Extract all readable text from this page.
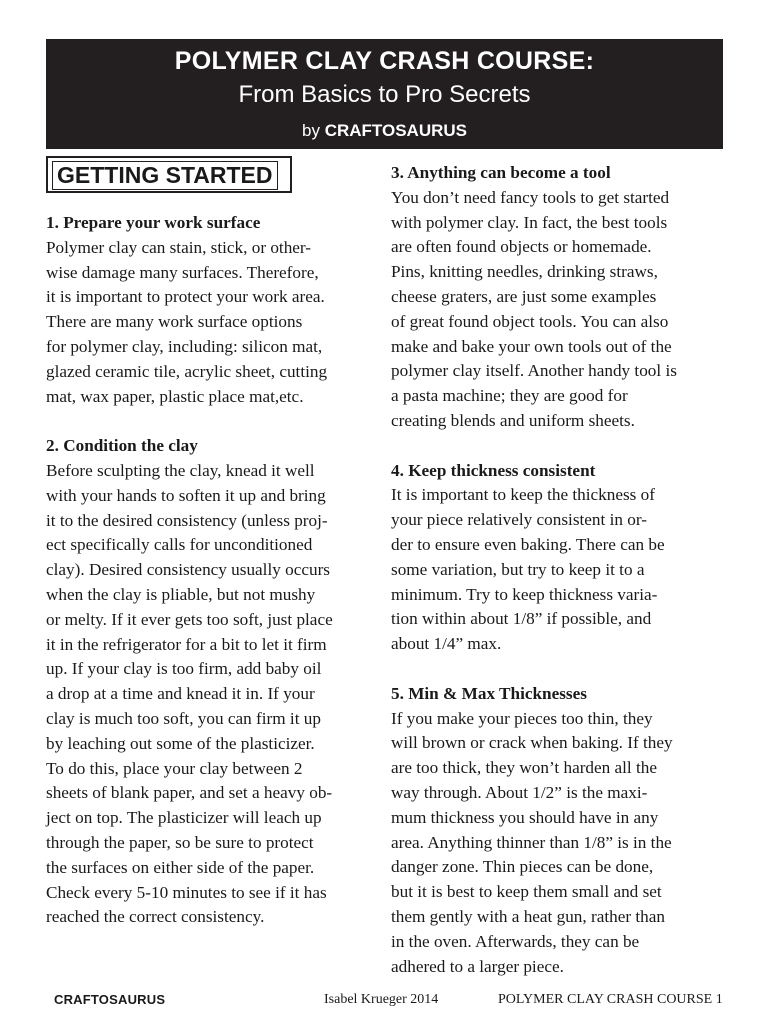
POLYMER CLAY CRASH COURSE:
From Basics to Pro Secrets
by CRAFTOSAURUS
GETTING STARTED
1. Prepare your work surface
Polymer clay can stain, stick, or other-
wise damage many surfaces. Therefore,
it is important to protect your work area.
There are many work surface options
for polymer clay, including: silicon mat,
glazed ceramic tile, acrylic sheet, cutting
mat, wax paper, plastic place mat,etc.
2. Condition the clay
Before sculpting the clay, knead it well
with your hands to soften it up and bring
it to the desired consistency (unless proj-
ect specifically calls for unconditioned
clay). Desired consistency usually occurs
when the clay is pliable, but not mushy
or melty. If it ever gets too soft, just place
it in the refrigerator for a bit to let it firm
up. If your clay is too firm, add baby oil
a drop at a time and knead it in. If your
clay is much too soft, you can firm it up
by leaching out some of the plasticizer.
To do this, place your clay between 2
sheets of blank paper, and set a heavy ob-
ject on top. The plasticizer will leach up
through the paper, so be sure to protect
the surfaces on either side of the paper.
Check every 5-10 minutes to see if it has
reached the correct consistency.
3. Anything can become a tool
You don’t need fancy tools to get started
with polymer clay. In fact, the best tools
are often found objects or homemade.
Pins, knitting needles, drinking straws,
cheese graters, are just some examples
of great found object tools. You can also
make and bake your own tools out of the
polymer clay itself. Another handy tool is
a pasta machine; they are good for
creating blends and uniform sheets.
4. Keep thickness consistent
It is important to keep the thickness of
your piece relatively consistent in or-
der to ensure even baking. There can be
some variation, but try to keep it to a
minimum. Try to keep thickness varia-
tion within about 1/8” if possible, and
about 1/4” max.
5. Min & Max Thicknesses
If you make your pieces too thin, they
will brown or crack when baking. If they
are too thick, they won’t harden all the
way through. About 1/2” is the maxi-
mum thickness you should have in any
area. Anything thinner than 1/8” is in the
danger zone. Thin pieces can be done,
but it is best to keep them small and set
them gently with a heat gun, rather than
in the oven. Afterwards, they can be
adhered to a larger piece.
CRAFTOSAURUS	Isabel Krueger 2014	POLYMER CLAY CRASH COURSE 1
